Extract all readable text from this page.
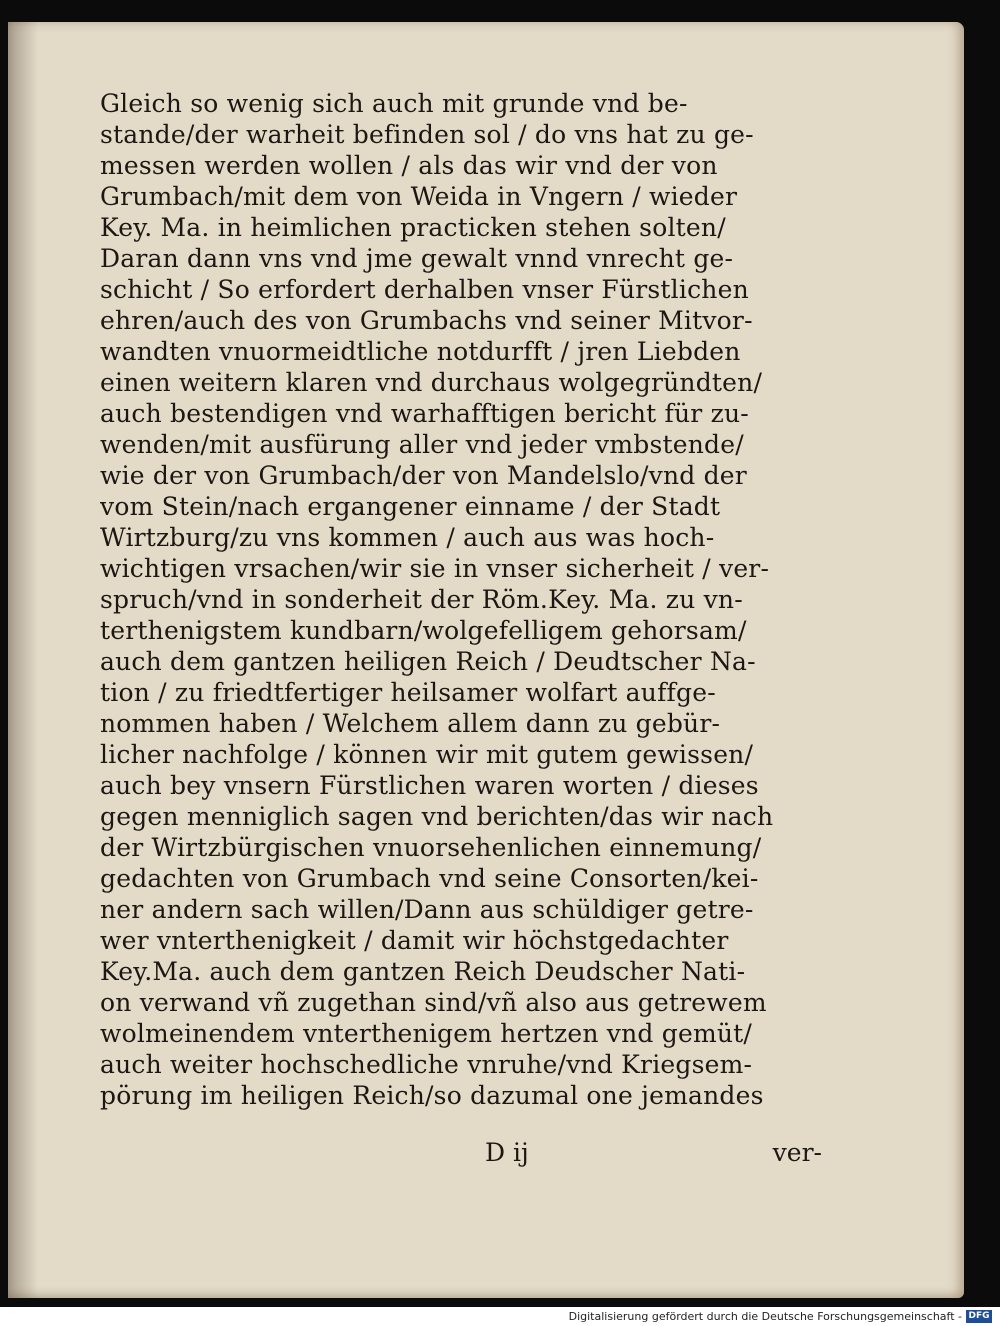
Gleich so wenig sich auch mit grunde vnd be-
stande/der warheit befinden sol / do vns hat zu ge-
messen werden wollen / als das wir vnd der von
Grumbach/mit dem von Weida in Vngern / wieder
Key. Ma. in heimlichen practicken stehen solten/
Daran dann vns vnd jme gewalt vnnd vnrecht ge-
schicht / So erfordert derhalben vnser Fürstlichen
ehren/auch des von Grumbachs vnd seiner Mitvor-
wandten vnuormeidtliche notdurfft / jren Liebden
einen weitern klaren vnd durchaus wolgegründten/
auch bestendigen vnd warhafftigen bericht für zu-
wenden/mit ausfürung aller vnd jeder vmbstende/
wie der von Grumbach/der von Mandelslo/vnd der
vom Stein/nach ergangener einname / der Stadt
Wirtzburg/zu vns kommen / auch aus was hoch-
wichtigen vrsachen/wir sie in vnser sicherheit / ver-
spruch/vnd in sonderheit der Röm.Key. Ma. zu vn-
terthenigstem kundbarn/wolgefelligem gehorsam/
auch dem gantzen heiligen Reich / Deudtscher Na-
tion / zu friedtfertiger heilsamer wolfart auffge-
nommen haben / Welchem allem dann zu gebür-
licher nachfolge / können wir mit gutem gewissen/
auch bey vnsern Fürstlichen waren worten / dieses
gegen menniglich sagen vnd berichten/das wir nach
der Wirtzbürgischen vnuorsehenlichen einnemung/
gedachten von Grumbach vnd seine Consorten/kei-
ner andern sach willen/Dann aus schüldiger getre-
wer vnterthenigkeit / damit wir höchstgedachter
Key.Ma. auch dem gantzen Reich Deudscher Nati-
on verwand vñ zugethan sind/vñ also aus getrewem
wolmeinendem vnterthenigem hertzen vnd gemüt/
auch weiter hochschedliche vnruhe/vnd Kriegsem-
pörung im heiligen Reich/so dazumal one jemandes
D ij	ver-
Digitalisierung gefördert durch die Deutsche Forschungsgemeinschaft - DFG
